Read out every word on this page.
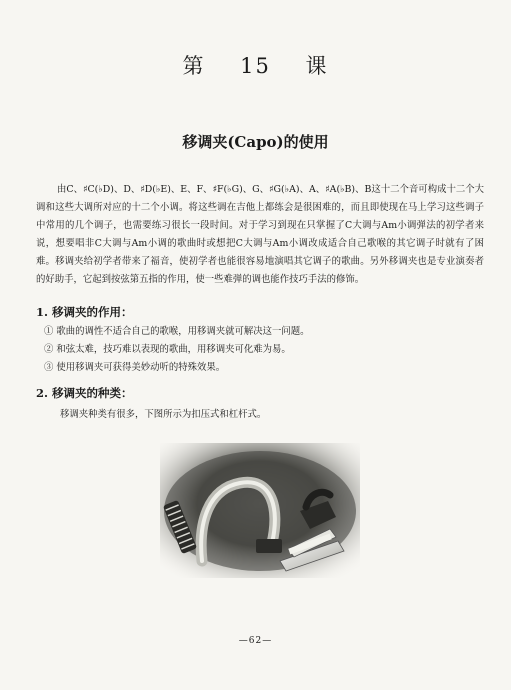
第 15 课
移调夹(Capo)的使用

由C、♯C(♭D)、D、♯D(♭E)、E、F、♯F(♭G)、G、♯G(♭A)、A、♯A(♭B)、B这十二个音可构成十二个大调和这些大调所对应的十二个小调。将这些调在吉他上都练会是很困难的，而且即使现在马上学习这些调子中常用的几个调子，也需要练习很长一段时间。对于学习到现在只掌握了C大调与Am小调弹法的初学者来说，想要唱非C大调与Am小调的歌曲时或想把C大调与Am小调改成适合自己歌喉的其它调子时就有了困难。移调夹给初学者带来了福音，使初学者也能很容易地演唱其它调子的歌曲。另外移调夹也是专业演奏者的好助手，它起到按弦第五指的作用，使一些难弹的调也能作技巧手法的修饰。

1. 移调夹的作用：
① 歌曲的调性不适合自己的歌喉，用移调夹就可解决这一问题。
② 和弦太难，技巧难以表现的歌曲，用移调夹可化难为易。
③ 使用移调夹可获得美妙动听的特殊效果。
2. 移调夹的种类：

移调夹种类有很多，下图所示为扣压式和杠杆式。

—62—
